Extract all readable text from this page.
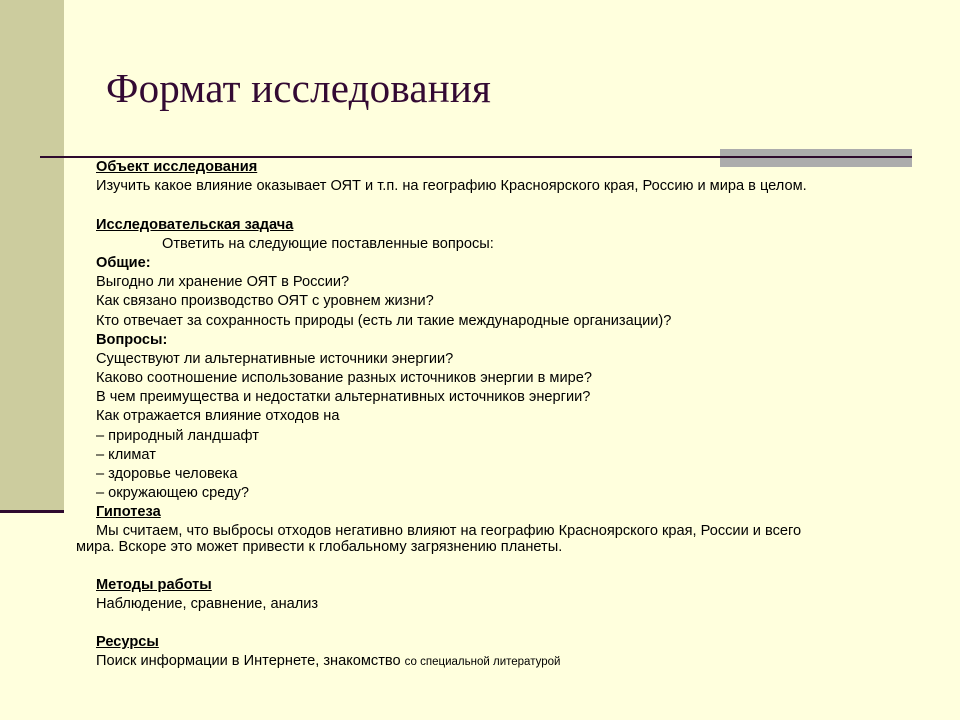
Формат исследования
Объект исследования
Изучить какое влияние оказывает ОЯТ и т.п. на географию Красноярского края, Россию и мира в целом.
Исследовательская задача
Ответить на следующие поставленные вопросы:
Общие:
Выгодно ли хранение ОЯТ в России?
Как связано производство ОЯТ с уровнем жизни?
Кто отвечает за сохранность природы (есть ли такие международные организации)?
Вопросы:
Существуют ли альтернативные источники энергии?
Каково соотношение использование разных источников энергии в мире?
В чем преимущества и недостатки альтернативных источников энергии?
Как отражается влияние отходов на
– природный ландшафт
– климат
– здоровье человека
– окружающею среду?
Гипотеза
Мы считаем, что выбросы отходов негативно влияют на географию Красноярского края, России и всего
мира. Вскоре это может привести к глобальному загрязнению планеты.
Методы работы
Наблюдение, сравнение, анализ
Ресурсы
Поиск информации в Интернете, знакомство со специальной литературой
